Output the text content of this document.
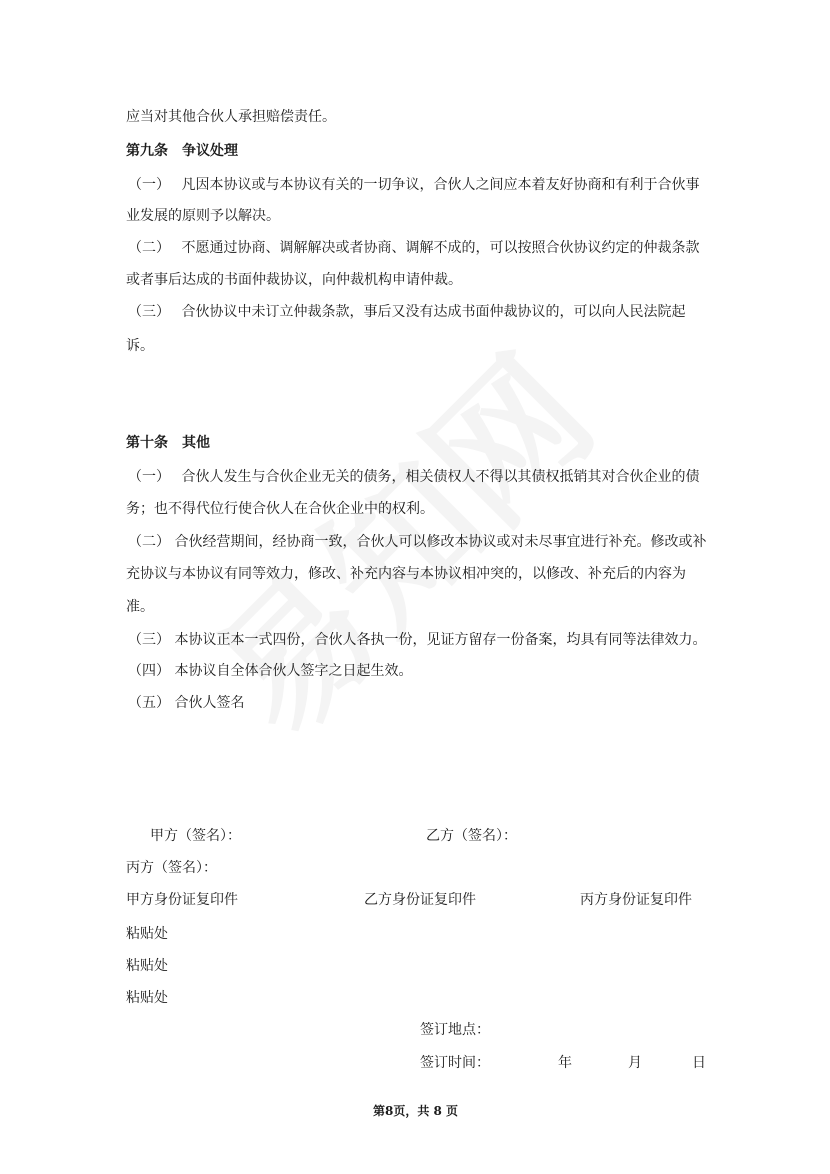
应当对其他合伙人承担赔偿责任。
第九条　争议处理
（一）　 凡因本协议或与本协议有关的一切争议，合伙人之间应本着友好协商和有利于合伙事
业发展的原则予以解决。
（二）　 不愿通过协商、调解解决或者协商、调解不成的，可以按照合伙协议约定的仲裁条款
或者事后达成的书面仲裁协议，向仲裁机构申请仲裁。
（三）　 合伙协议中未订立仲裁条款，事后又没有达成书面仲裁协议的，可以向人民法院起
诉。
第十条　其他
（一）　 合伙人发生与合伙企业无关的债务，相关债权人不得以其债权抵销其对合伙企业的债
务；也不得代位行使合伙人在合伙企业中的权利。
（二） 合伙经营期间，经协商一致，合伙人可以修改本协议或对未尽事宜进行补充。修改或补
充协议与本协议有同等效力，修改、补充内容与本协议相冲突的，以修改、补充后的内容为
准。
（三） 本协议正本一式四份，合伙人各执一份，见证方留存一份备案，均具有同等法律效力。
（四） 本协议自全体合伙人签字之日起生效。
（五） 合伙人签名
甲方（签名）：	乙方（签名）：
丙方（签名）：
甲方身份证复印件	乙方身份证复印件	丙方身份证复印件
粘贴处
粘贴处
粘贴处
签订地点：
签订时间：	年	月	日
第8页，共 8 页
